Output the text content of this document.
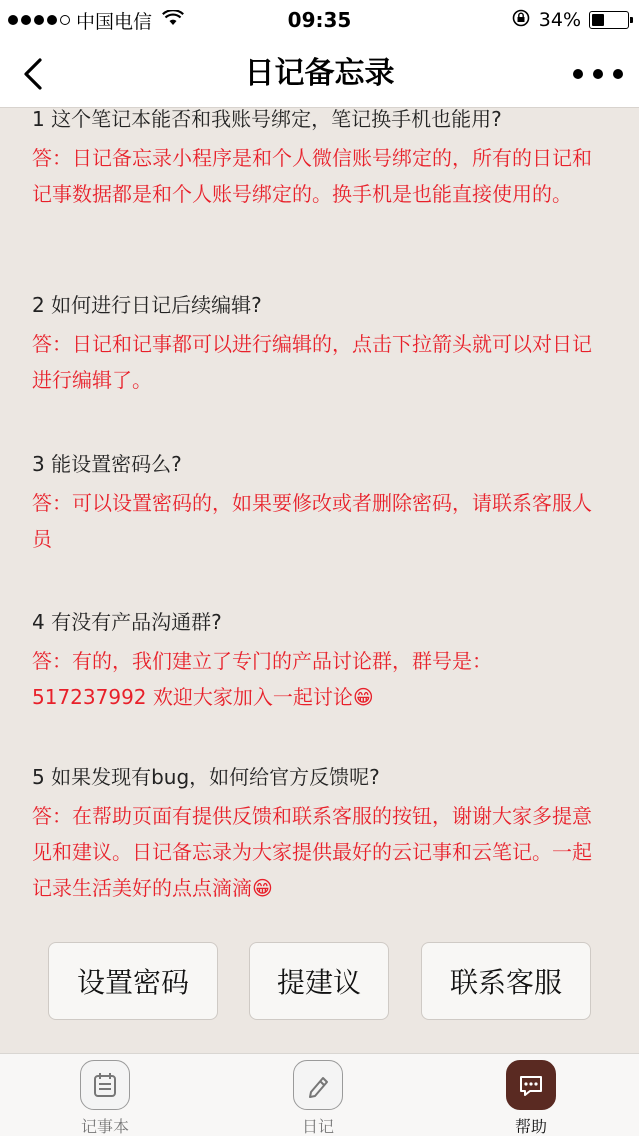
中国电信	09:35	34%
日记备忘录
1 这个笔记本能否和我账号绑定，笔记换手机也能用?
答：日记备忘录小程序是和个人微信账号绑定的，所有的日记和记事数据都是和个人账号绑定的。换手机是也能直接使用的。
2 如何进行日记后续编辑?
答：日记和记事都可以进行编辑的，点击下拉箭头就可以对日记进行编辑了。
3 能设置密码么?
答：可以设置密码的，如果要修改或者删除密码，请联系客服人员
4 有没有产品沟通群?
答：有的，我们建立了专门的产品讨论群，群号是：517237992 欢迎大家加入一起讨论😁
5 如果发现有bug，如何给官方反馈呢?
答：在帮助页面有提供反馈和联系客服的按钮，谢谢大家多提意见和建议。日记备忘录为大家提供最好的云记事和云笔记。一起记录生活美好的点点滴滴😁
设置密码	提建议	联系客服
记事本	日记	帮助
